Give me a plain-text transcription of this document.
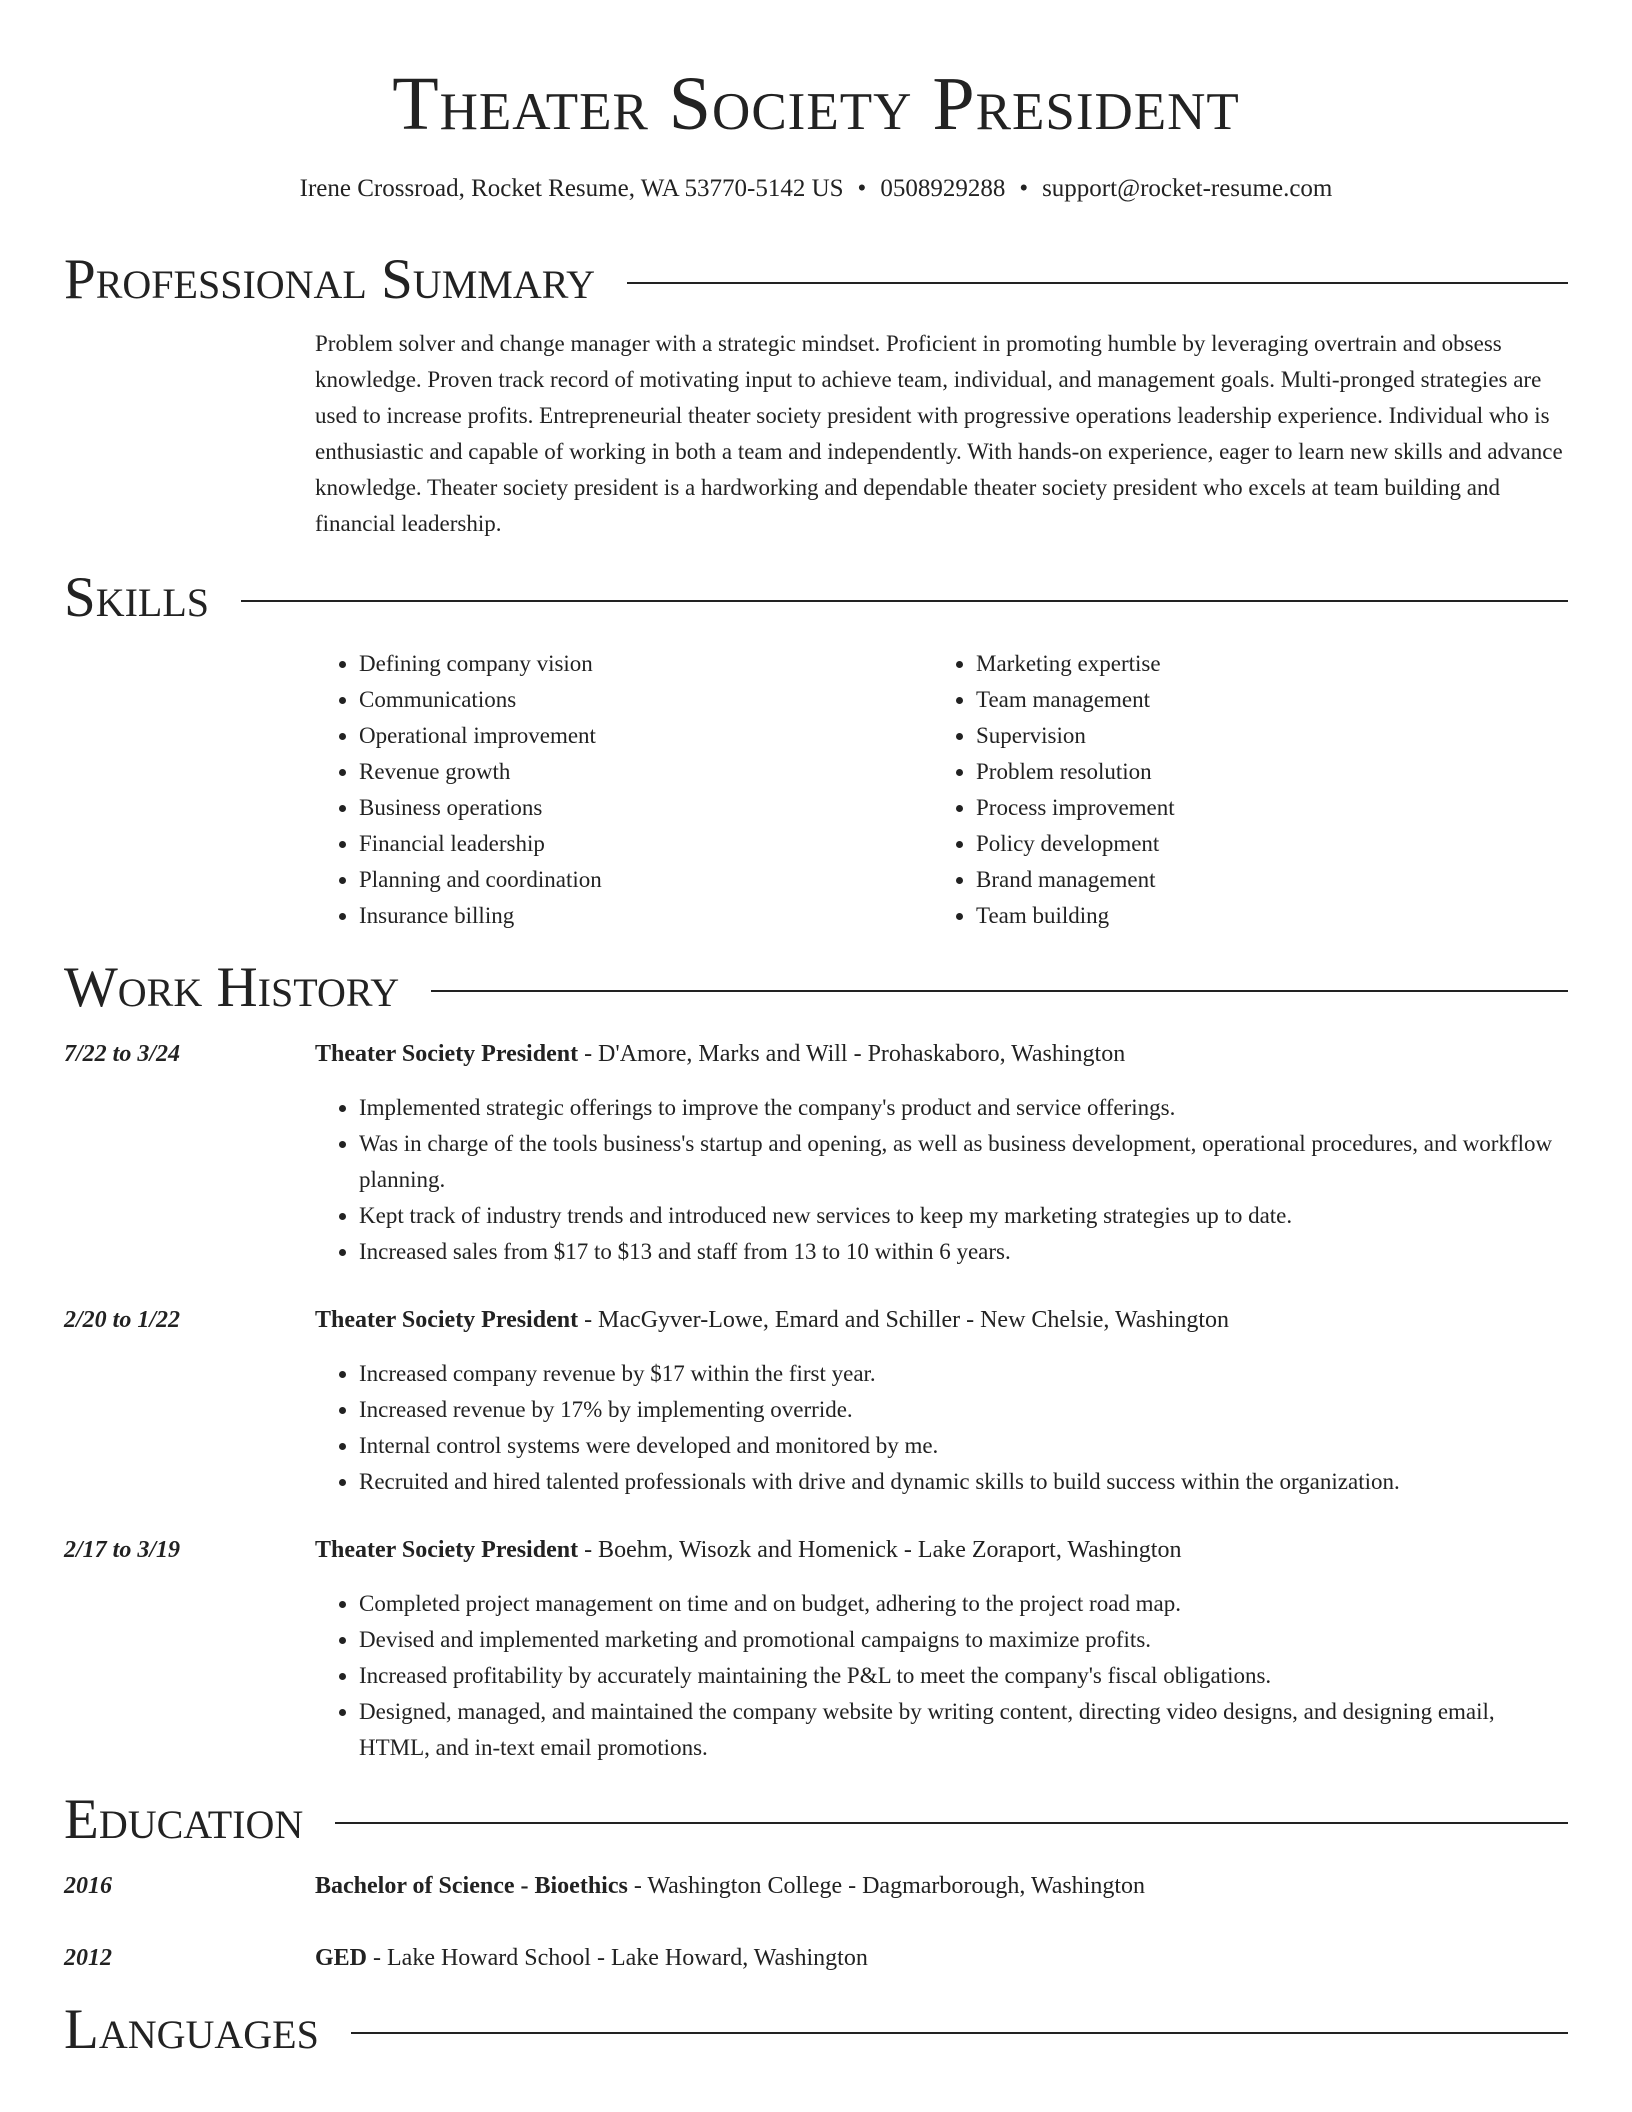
Theater Society President
Irene Crossroad, Rocket Resume, WA 53770-5142 US • 0508929288 • support@rocket-resume.com
Professional Summary
Problem solver and change manager with a strategic mindset. Proficient in promoting humble by leveraging overtrain and obsess knowledge. Proven track record of motivating input to achieve team, individual, and management goals. Multi-pronged strategies are used to increase profits. Entrepreneurial theater society president with progressive operations leadership experience. Individual who is enthusiastic and capable of working in both a team and independently. With hands-on experience, eager to learn new skills and advance knowledge. Theater society president is a hardworking and dependable theater society president who excels at team building and financial leadership.
Skills
• Defining company vision
• Communications
• Operational improvement
• Revenue growth
• Business operations
• Financial leadership
• Planning and coordination
• Insurance billing
• Marketing expertise
• Team management
• Supervision
• Problem resolution
• Process improvement
• Policy development
• Brand management
• Team building
Work History
7/22 to 3/24	Theater Society President - D'Amore, Marks and Will - Prohaskaboro, Washington
• Implemented strategic offerings to improve the company's product and service offerings.
• Was in charge of the tools business's startup and opening, as well as business development, operational procedures, and workflow planning.
• Kept track of industry trends and introduced new services to keep my marketing strategies up to date.
• Increased sales from $17 to $13 and staff from 13 to 10 within 6 years.
2/20 to 1/22	Theater Society President - MacGyver-Lowe, Emard and Schiller - New Chelsie, Washington
• Increased company revenue by $17 within the first year.
• Increased revenue by 17% by implementing override.
• Internal control systems were developed and monitored by me.
• Recruited and hired talented professionals with drive and dynamic skills to build success within the organization.
2/17 to 3/19	Theater Society President - Boehm, Wisozk and Homenick - Lake Zoraport, Washington
• Completed project management on time and on budget, adhering to the project road map.
• Devised and implemented marketing and promotional campaigns to maximize profits.
• Increased profitability by accurately maintaining the P&L to meet the company's fiscal obligations.
• Designed, managed, and maintained the company website by writing content, directing video designs, and designing email, HTML, and in-text email promotions.
Education
2016	Bachelor of Science - Bioethics - Washington College - Dagmarborough, Washington
2012	GED - Lake Howard School - Lake Howard, Washington
Languages
